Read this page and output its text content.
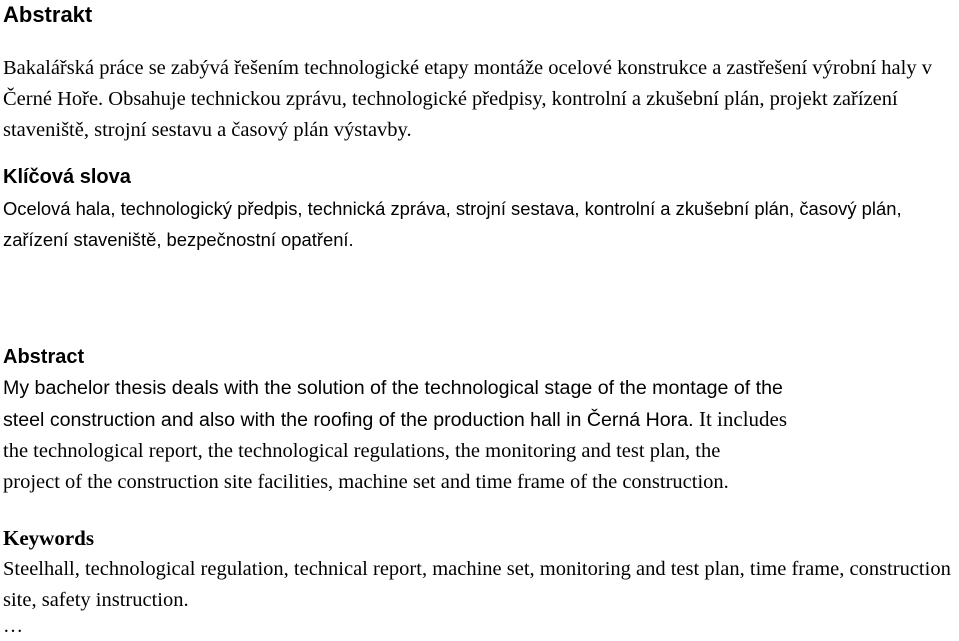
Abstrakt

Bakalářská práce se zabývá řešením technologické etapy montáže ocelové konstrukce a zastřešení výrobní haly v Černé Hoře. Obsahuje technickou zprávu, technologické předpisy, kontrolní a zkušební plán, projekt zařízení staveniště, strojní sestavu a časový plán výstavby.

Klíčová slova

Ocelová hala, technologický předpis, technická zpráva, strojní sestava, kontrolní a zkušební plán, časový plán, zařízení staveniště, bezpečnostní opatření.

Abstract

My bachelor thesis deals with the solution of the technological stage of the montage of the

steel construction and also with the roofing of the production hall in Černá Hora. It includes

the technological report, the technological regulations, the monitoring and test plan, the

project of the construction site facilities, machine set and time frame of the construction.

Keywords

Steelhall, technological regulation, technical report, machine set, monitoring and test plan, time frame, construction site, safety instruction.

…
